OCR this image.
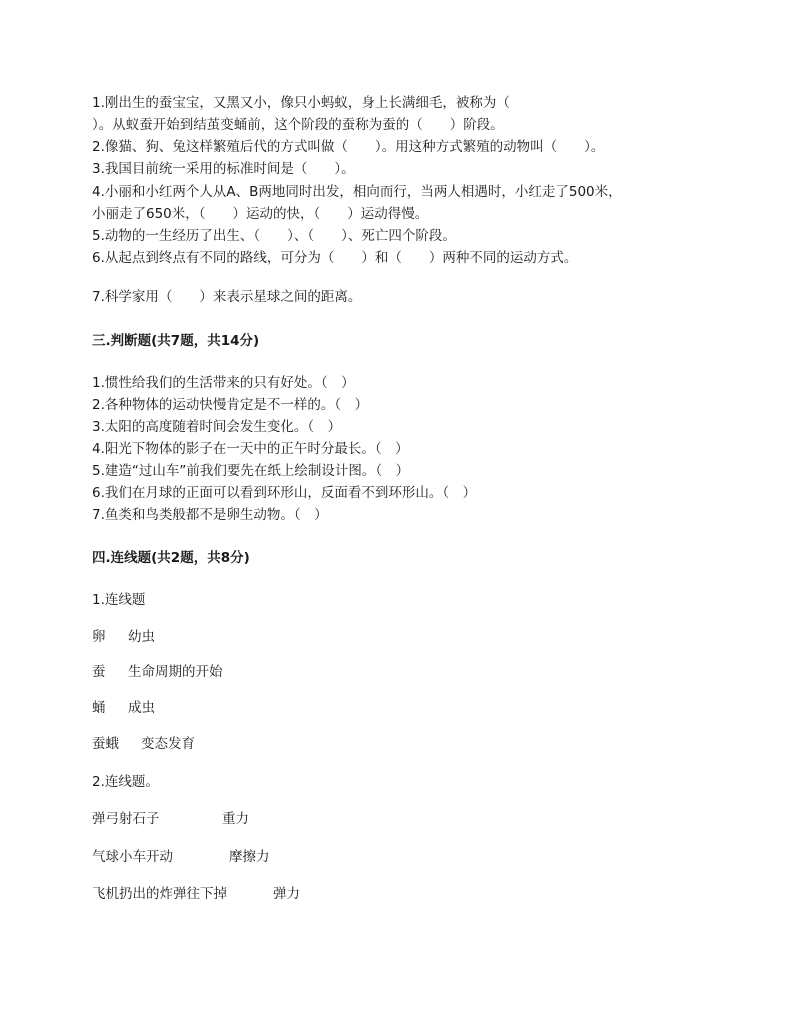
1.刚出生的蚕宝宝，又黑又小，像只小蚂蚁，身上长满细毛，被称为（
）。从蚁蚕开始到结茧变蛹前，这个阶段的蚕称为蚕的（　　）阶段。
2.像猫、狗、兔这样繁殖后代的方式叫做（　　）。用这种方式繁殖的动物叫（　　）。
3.我国目前统一采用的标准时间是（　　）。
4.小丽和小红两个人从A、B两地同时出发，相向而行，当两人相遇时，小红走了500米，
小丽走了650米，（　　）运动的快，（　　）运动得慢。
5.动物的一生经历了出生、（　　）、（　　）、死亡四个阶段。
6.从起点到终点有不同的路线，可分为（　　）和（　　）两种不同的运动方式。
7.科学家用（　　）来表示星球之间的距离。
三.判断题(共7题，共14分)
1.惯性给我们的生活带来的只有好处。（　）
2.各种物体的运动快慢肯定是不一样的。（　）
3.太阳的高度随着时间会发生变化。（　）
4.阳光下物体的影子在一天中的正午时分最长。（　）
5.建造“过山车”前我们要先在纸上绘制设计图。（　）
6.我们在月球的正面可以看到环形山，反面看不到环形山。（　）
7.鱼类和鸟类般都不是卵生动物。（　）
四.连线题(共2题，共8分)
1.连线题
卵 幼虫
蚕 生命周期的开始
蛹 成虫
蚕蛾 变态发育
2.连线题。
弹弓射石子	重力
气球小车开动	摩擦力
飞机扔出的炸弹往下掉	弹力
